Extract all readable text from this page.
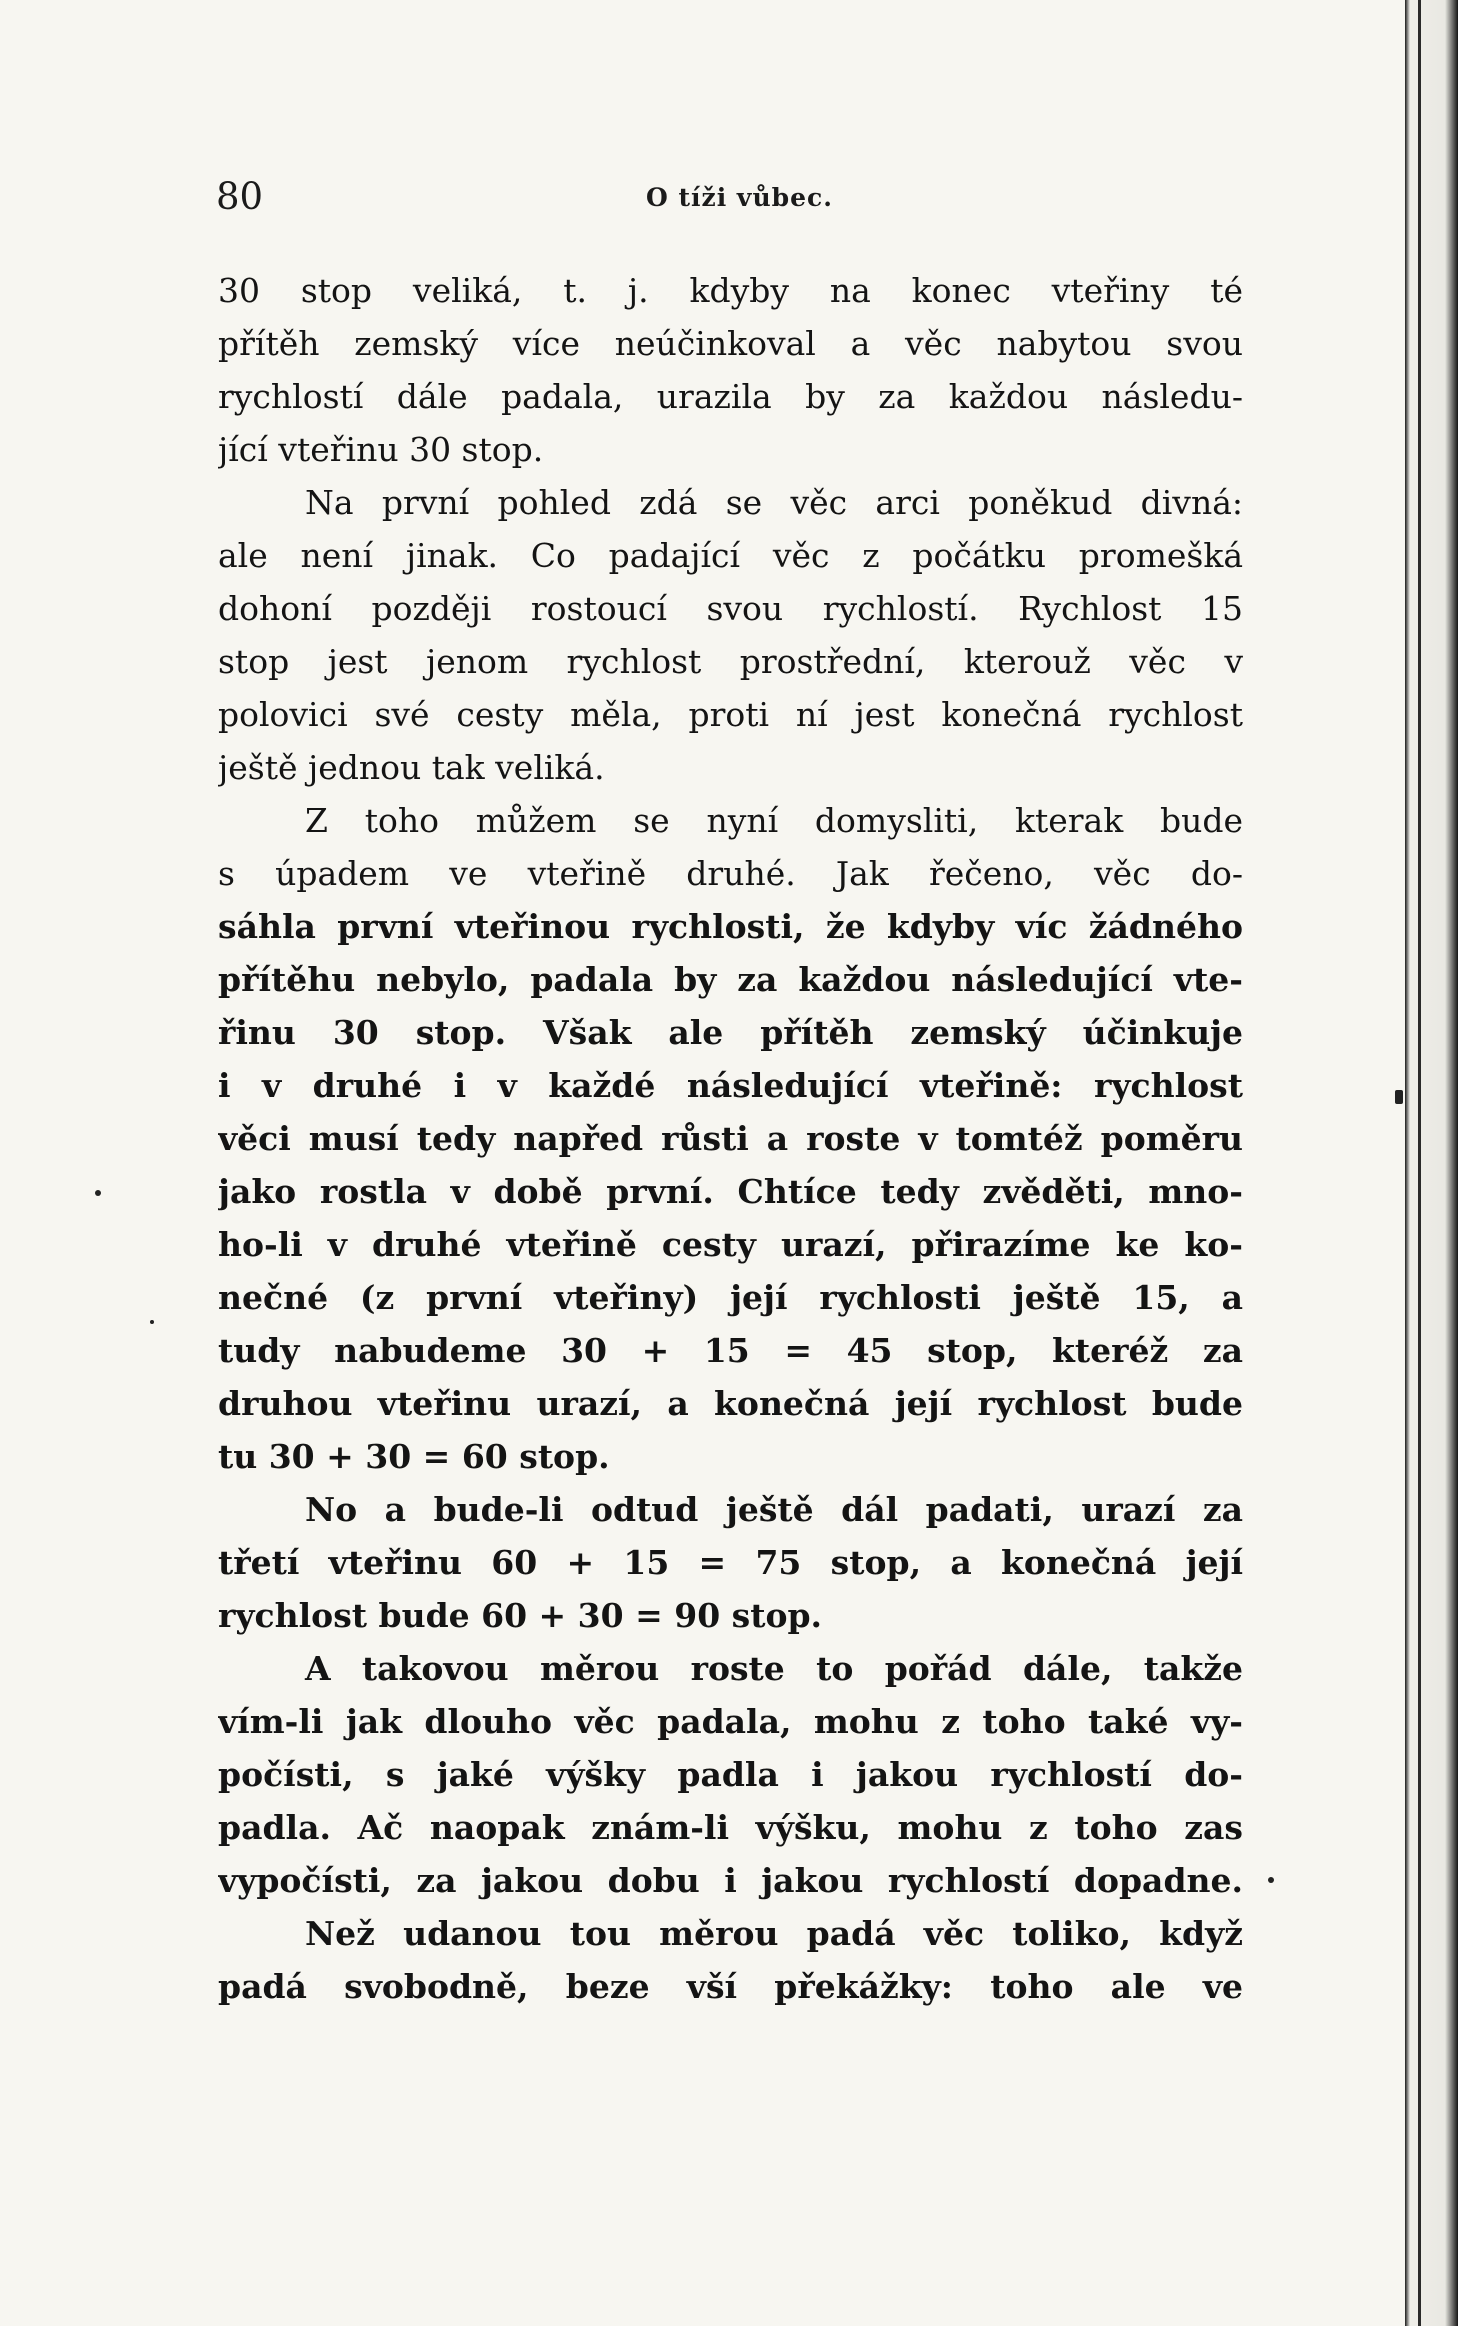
80	O tíži vůbec.
30 stop veliká, t. j. kdyby na konec vteřiny té
přítěh zemský více neúčinkoval a věc nabytou svou
rychlostí dále padala, urazila by za každou následu-
jící vteřinu 30 stop.
Na první pohled zdá se věc arci poněkud divná:
ale není jinak. Co padající věc z počátku promešká
dohoní později rostoucí svou rychlostí. Rychlost 15
stop jest jenom rychlost prostřední, kterouž věc v
polovici své cesty měla, proti ní jest konečná rychlost
ještě jednou tak veliká.
Z toho můžem se nyní domysliti, kterak bude
s úpadem ve vteřině druhé. Jak řečeno, věc do-
sáhla první vteřinou rychlosti, že kdyby víc žádného
přítěhu nebylo, padala by za každou následující vte-
řinu 30 stop. Však ale přítěh zemský účinkuje
i v druhé i v každé následující vteřině: rychlost
věci musí tedy napřed růsti a roste v tomtéž poměru
jako rostla v době první. Chtíce tedy zvěděti, mno-
ho-li v druhé vteřině cesty urazí, přirazíme ke ko-
nečné (z první vteřiny) její rychlosti ještě 15, a
tudy nabudeme 30 + 15 = 45 stop, kteréž za
druhou vteřinu urazí, a konečná její rychlost bude
tu 30 + 30 = 60 stop.
No a bude-li odtud ještě dál padati, urazí za
třetí vteřinu 60 + 15 = 75 stop, a konečná její
rychlost bude 60 + 30 = 90 stop.
A takovou měrou roste to pořád dále, takže
vím-li jak dlouho věc padala, mohu z toho také vy-
počísti, s jaké výšky padla i jakou rychlostí do-
padla. Ač naopak znám-li výšku, mohu z toho zas
vypočísti, za jakou dobu i jakou rychlostí dopadne.
Než udanou tou měrou padá věc toliko, když
padá svobodně, beze vší překážky: toho ale ve
